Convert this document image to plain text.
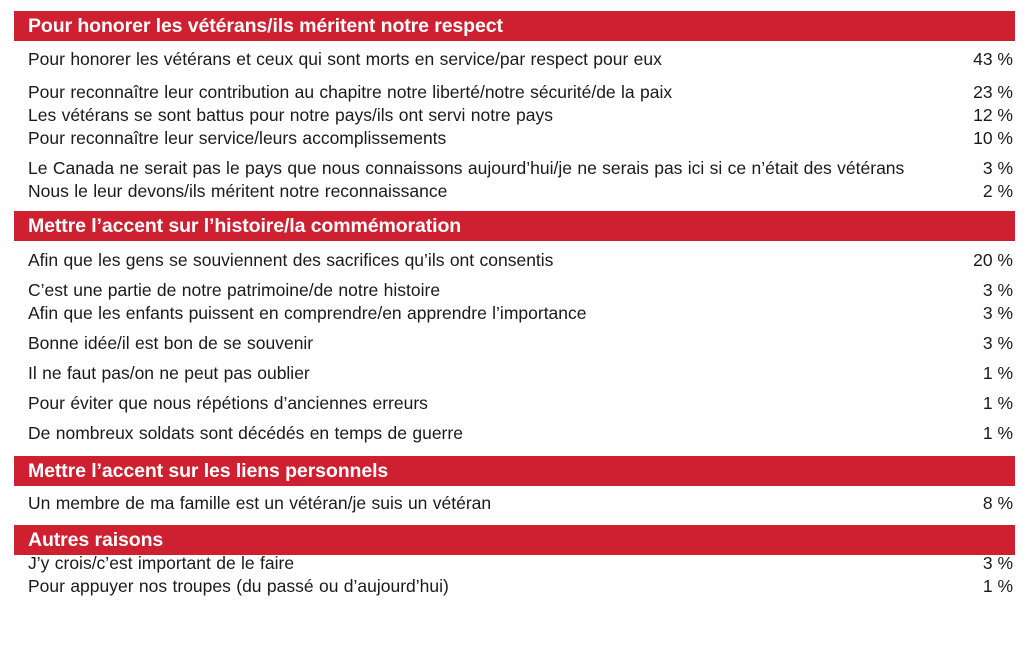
Pour honorer les vétérans/ils méritent notre respect
Pour honorer les vétérans et ceux qui sont morts en service/par respect pour eux	43 %
Pour reconnaître leur contribution au chapitre notre liberté/notre sécurité/de la paix	23 %
Les vétérans se sont battus pour notre pays/ils ont servi notre pays	12 %
Pour reconnaître leur service/leurs accomplissements	10 %
Le Canada ne serait pas le pays que nous connaissons aujourd’hui/je ne serais pas ici si ce n’était des vétérans	3 %
Nous le leur devons/ils méritent notre reconnaissance	2 %
Mettre l’accent sur l’histoire/la commémoration
Afin que les gens se souviennent des sacrifices qu’ils ont consentis	20 %
C’est une partie de notre patrimoine/de notre histoire	3 %
Afin que les enfants puissent en comprendre/en apprendre l’importance	3 %
Bonne idée/il est bon de se souvenir	3 %
Il ne faut pas/on ne peut pas oublier	1 %
Pour éviter que nous répétions d’anciennes erreurs	1 %
De nombreux soldats sont décédés en temps de guerre	1 %
Mettre l’accent sur les liens personnels
Un membre de ma famille est un vétéran/je suis un vétéran	8 %
Autres raisons
J’y crois/c’est important de le faire	3 %
Pour appuyer nos troupes (du passé ou d’aujourd’hui)	1 %
